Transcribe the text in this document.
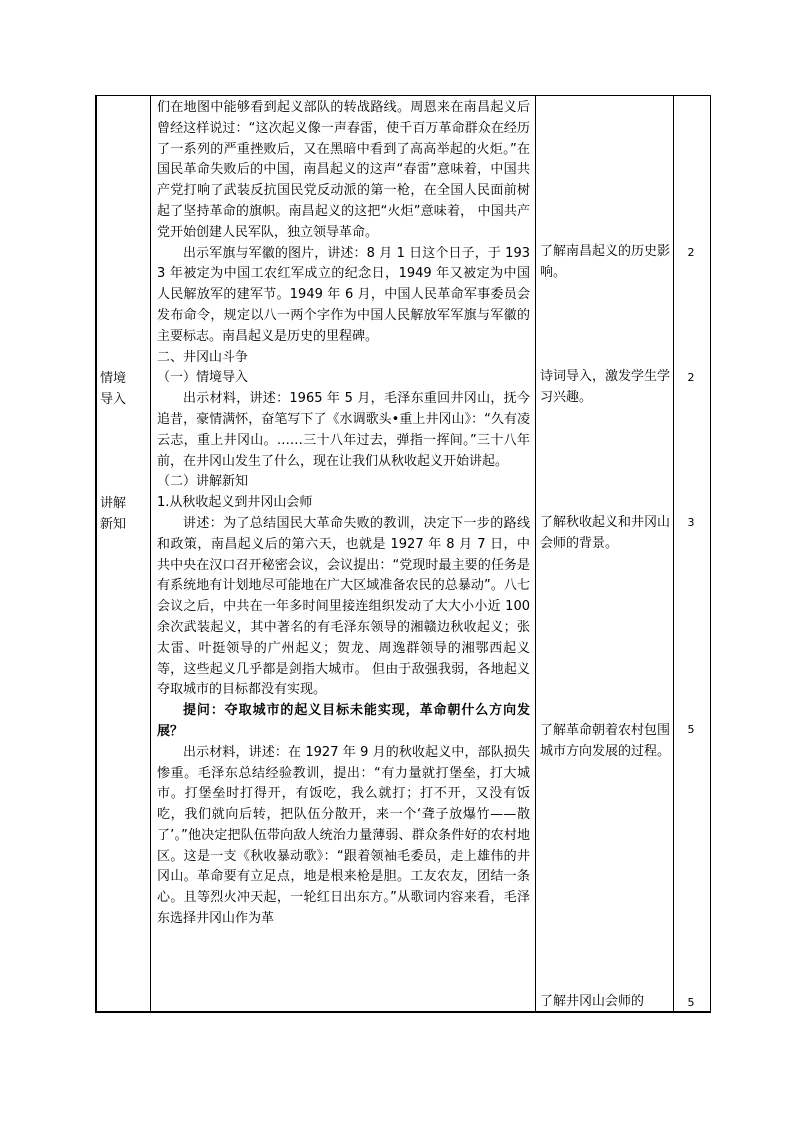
情境
导入
讲解
新知

们在地图中能够看到起义部队的转战路线。周恩来在南昌起义后曾经这样说过：“这次起义像一声春雷，使千百万革命群众在经历了一系列的严重挫败后，又在黑暗中看到了高高举起的火炬。”在国民革命失败后的中国，南昌起义的这声“春雷”意味着，中国共产党打响了武装反抗国民党反动派的第一枪，在全国人民面前树起了坚持革命的旗帜。南昌起义的这把“火炬”意味着， 中国共产党开始创建人民军队，独立领导革命。

出示军旗与军徽的图片，讲述：8 月 1 日这个日子，于 1933 年被定为中国工农红军成立的纪念日，1949 年又被定为中国人民解放军的建军节。1949 年 6 月，中国人民革命军事委员会发布命令，规定以八一两个字作为中国人民解放军军旗与军徽的主要标志。南昌起义是历史的里程碑。

二、井冈山斗争

（一）情境导入

出示材料，讲述：1965 年 5 月，毛泽东重回井冈山，抚今追昔，豪情满怀，奋笔写下了《水调歌头•重上井冈山》：“久有凌云志，重上井冈山。……三十八年过去，弹指一挥间。”三十八年前，在井冈山发生了什么，现在让我们从秋收起义开始讲起。

（二）讲解新知

1.从秋收起义到井冈山会师

讲述：为了总结国民大革命失败的教训，决定下一步的路线和政策，南昌起义后的第六天，也就是 1927 年 8 月 7 日，中共中央在汉口召开秘密会议，会议提出：“党现时最主要的任务是有系统地有计划地尽可能地在广大区域准备农民的总暴动”。八七会议之后，中共在一年多时间里接连组织发动了大大小小近 100 余次武装起义，其中著名的有毛泽东领导的湘赣边秋收起义；张太雷、叶挺领导的广州起义；贺龙、周逸群领导的湘鄂西起义等，这些起义几乎都是剑指大城市。 但由于敌强我弱，各地起义夺取城市的目标都没有实现。

提问：夺取城市的起义目标未能实现，革命朝什么方向发展？

出示材料，讲述：在 1927 年 9 月的秋收起义中，部队损失惨重。毛泽东总结经验教训，提出：“有力量就打堡垒，打大城市。打堡垒时打得开，有饭吃，我么就打；打不开，又没有饭吃，我们就向后转，把队伍分散开，来一个‘聋子放爆竹——散了’。”他决定把队伍带向敌人统治力量薄弱、群众条件好的农村地区。这是一支《秋收暴动歌》：“跟着领袖毛委员，走上雄伟的井冈山。革命要有立足点，地是根来枪是胆。工友农友，团结一条心。且等烈火冲天起，一轮红日出东方。”从歌词内容来看，毛泽东选择井冈山作为革

了解南昌起义的历史影响。

诗词导入，激发学生学习兴趣。

了解秋收起义和井冈山会师的背景。

了解革命朝着农村包围城市方向发展的过程。

了解井冈山会师的

2
2
3
5
5
